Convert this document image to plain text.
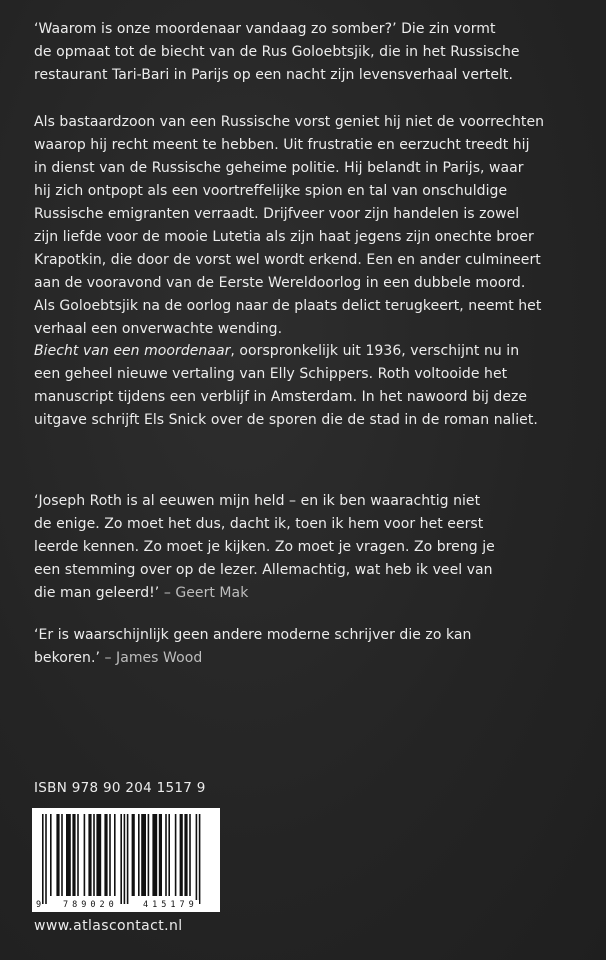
‘Waarom is onze moordenaar vandaag zo somber?’ Die zin vormt
de opmaat tot de biecht van de Rus Goloebtsjik, die in het Russische
restaurant Tari-Bari in Parijs op een nacht zijn levensverhaal vertelt.
Als bastaardzoon van een Russische vorst geniet hij niet de voorrechten
waarop hij recht meent te hebben. Uit frustratie en eerzucht treedt hij
in dienst van de Russische geheime politie. Hij belandt in Parijs, waar
hij zich ontpopt als een voortreffelijke spion en tal van onschuldige
Russische emigranten verraadt. Drijfveer voor zijn handelen is zowel
zijn liefde voor de mooie Lutetia als zijn haat jegens zijn onechte broer
Krapotkin, die door de vorst wel wordt erkend. Een en ander culmineert
aan de vooravond van de Eerste Wereldoorlog in een dubbele moord.
Als Goloebtsjik na de oorlog naar de plaats delict terugkeert, neemt het
verhaal een onverwachte wending.
Biecht van een moordenaar, oorspronkelijk uit 1936, verschijnt nu in
een geheel nieuwe vertaling van Elly Schippers. Roth voltooide het
manuscript tijdens een verblijf in Amsterdam. In het nawoord bij deze
uitgave schrijft Els Snick over de sporen die de stad in de roman naliet.
‘Joseph Roth is al eeuwen mijn held – en ik ben waarachtig niet
de enige. Zo moet het dus, dacht ik, toen ik hem voor het eerst
leerde kennen. Zo moet je kijken. Zo moet je vragen. Zo breng je
een stemming over op de lezer. Allemachtig, wat heb ik veel van
die man geleerd!’ – Geert Mak
‘Er is waarschijnlijk geen andere moderne schrijver die zo kan
bekoren.’ – James Wood
ISBN 978 90 204 1517 9
9	789020	415179
www.atlascontact.nl
